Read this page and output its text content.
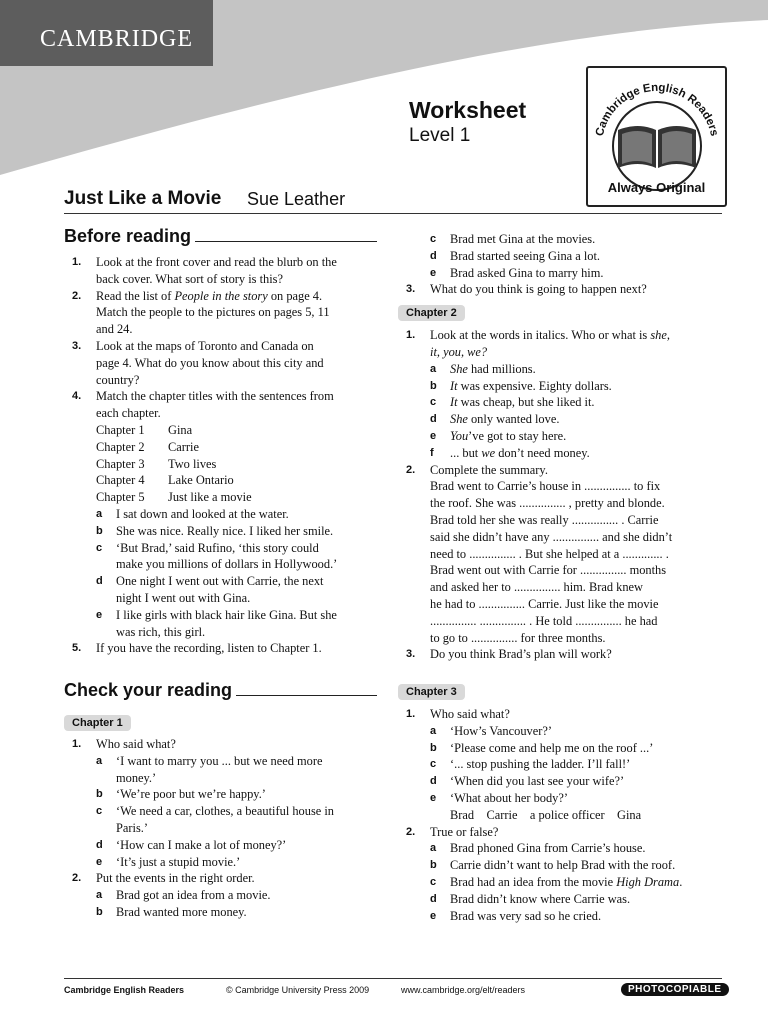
CAMBRIDGE
Worksheet
Level 1	Cambridge English Readers
Always Original
Just Like a Movie Sue Leather
Before reading
Check your reading
1. Look at the front cover and read the blurb on the
back cover. What sort of story is this?
2. Read the list of People in the story on page 4.
Match the people to the pictures on pages 5, 11
and 24.
3. Look at the maps of Toronto and Canada on
page 4. What do you know about this city and
country?
4. Match the chapter titles with the sentences from
each chapter.
Chapter 1	Gina
Chapter 2	Carrie
Chapter 3	Two lives
Chapter 4	Lake Ontario
Chapter 5	Just like a movie
a I sat down and looked at the water.
b She was nice. Really nice. I liked her smile.
c ‘But Brad,’ said Rufino, ‘this story could
make you millions of dollars in Hollywood.’
d One night I went out with Carrie, the next
night I went out with Gina.
e I like girls with black hair like Gina. But she
was rich, this girl.
5. If you have the recording, listen to Chapter 1.
Chapter 1
1. Who said what?
a ‘I want to marry you ... but we need more
money.’
b ‘We’re poor but we’re happy.’
c ‘We need a car, clothes, a beautiful house in
Paris.’
d ‘How can I make a lot of money?’
e ‘It’s just a stupid movie.’
2. Put the events in the right order.
a Brad got an idea from a movie.
b Brad wanted more money.
c Brad met Gina at the movies.
d Brad started seeing Gina a lot.
e Brad asked Gina to marry him.
3. What do you think is going to happen next?
Chapter 2
1. Look at the words in italics. Who or what is she,
it, you, we?
a She had millions.
b It was expensive. Eighty dollars.
c It was cheap, but she liked it.
d She only wanted love.
e You’ve got to stay here.
f ... but we don’t need money.
2. Complete the summary.
Brad went to Carrie’s house in ............... to fix
the roof. She was ............... , pretty and blonde.
Brad told her she was really ............... . Carrie
said she didn’t have any ............... and she didn’t
need to ............... . But she helped at a ............. .
Brad went out with Carrie for ............... months
and asked her to ............... him. Brad knew
he had to ............... Carrie. Just like the movie
............... ............... . He told ............... he had
to go to ............... for three months.
3. Do you think Brad’s plan will work?
Chapter 3
1. Who said what?
a ‘How’s Vancouver?’
b ‘Please come and help me on the roof ...’
c ‘... stop pushing the ladder. I’ll fall!’
d ‘When did you last see your wife?’
e ‘What about her body?’
Brad Carrie a police officer Gina
2. True or false?
a Brad phoned Gina from Carrie’s house.
b Carrie didn’t want to help Brad with the roof.
c Brad had an idea from the movie High Drama.
d Brad didn’t know where Carrie was.
e Brad was very sad so he cried.
Cambridge English Readers	© Cambridge University Press 2009	www.cambridge.org/elt/readers	PHOTOCOPIABLE
